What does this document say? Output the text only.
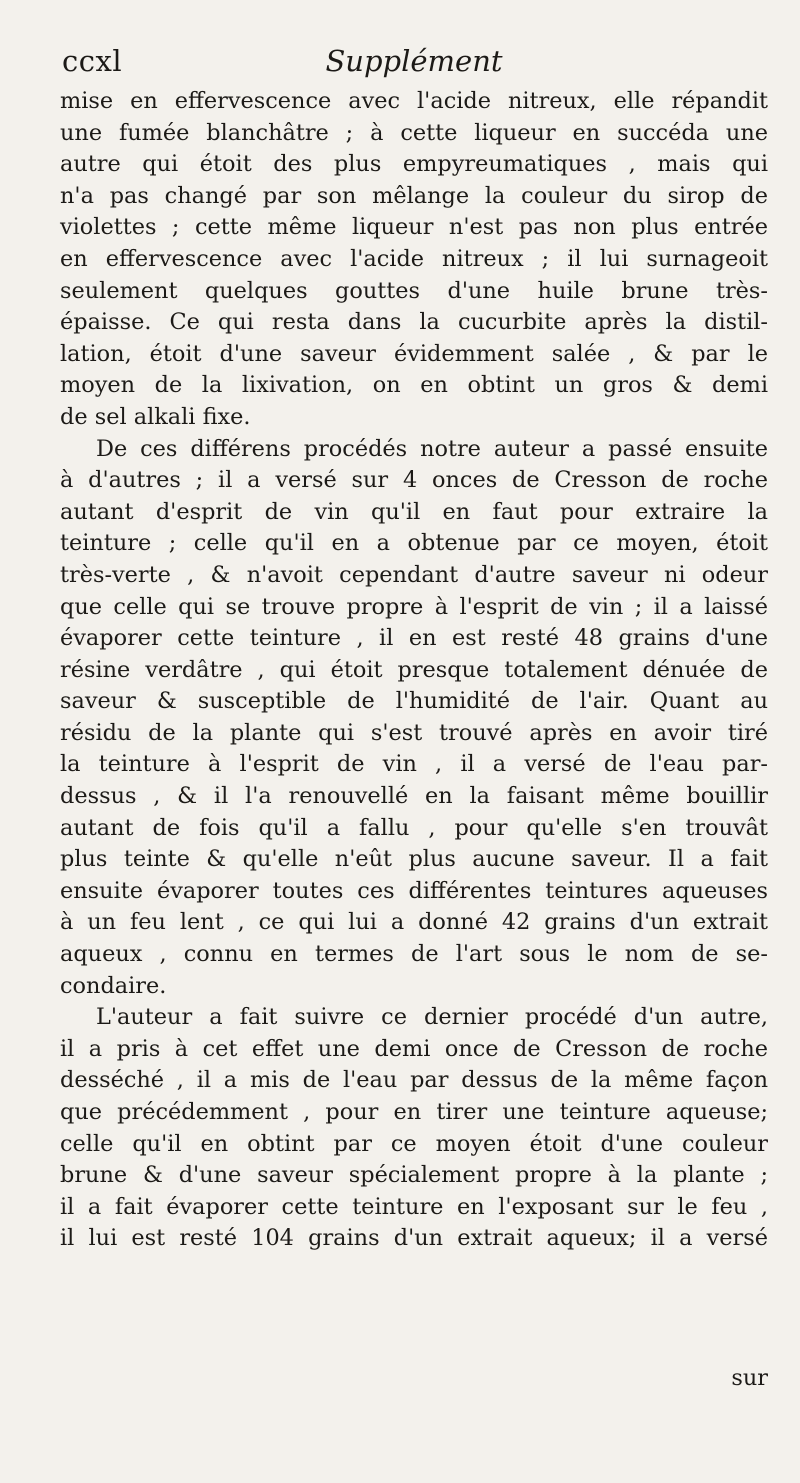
ccxl	Supplément

mise en effervescence avec l'acide nitreux, elle répandit
une fumée blanchâtre ; à cette liqueur en succéda une
autre qui étoit des plus empyreumatiques , mais qui
n'a pas changé par son mêlange la couleur du sirop de
violettes ; cette même liqueur n'est pas non plus entrée
en effervescence avec l'acide nitreux ; il lui surnageoit
seulement quelques gouttes d'une huile brune très-
épaisse. Ce qui resta dans la cucurbite après la distil-
lation, étoit d'une saveur évidemment salée , & par le
moyen de la lixivation, on en obtint un gros & demi
de sel alkali fixe.

De ces différens procédés notre auteur a passé ensuite
à d'autres ; il a versé sur 4 onces de Cresson de roche
autant d'esprit de vin qu'il en faut pour extraire la
teinture ; celle qu'il en a obtenue par ce moyen, étoit
très-verte , & n'avoit cependant d'autre saveur ni odeur
que celle qui se trouve propre à l'esprit de vin ; il a laissé
évaporer cette teinture , il en est resté 48 grains d'une
résine verdâtre , qui étoit presque totalement dénuée de
saveur & susceptible de l'humidité de l'air. Quant au
résidu de la plante qui s'est trouvé après en avoir tiré
la teinture à l'esprit de vin , il a versé de l'eau par-
dessus , & il l'a renouvellé en la faisant même bouillir
autant de fois qu'il a fallu , pour qu'elle s'en trouvât
plus teinte & qu'elle n'eût plus aucune saveur. Il a fait
ensuite évaporer toutes ces différentes teintures aqueuses
à un feu lent , ce qui lui a donné 42 grains d'un extrait
aqueux , connu en termes de l'art sous le nom de se-
condaire.

L'auteur a fait suivre ce dernier procédé d'un autre,
il a pris à cet effet une demi once de Cresson de roche
desséché , il a mis de l'eau par dessus de la même façon
que précédemment , pour en tirer une teinture aqueuse;
celle qu'il en obtint par ce moyen étoit d'une couleur
brune & d'une saveur spécialement propre à la plante ;
il a fait évaporer cette teinture en l'exposant sur le feu ,
il lui est resté 104 grains d'un extrait aqueux; il a versé

sur
